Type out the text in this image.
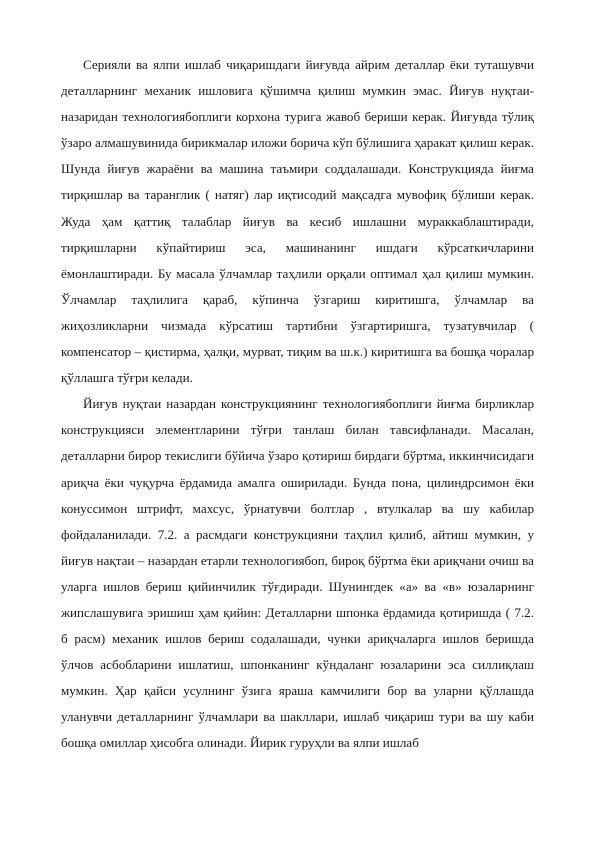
Серияли ва ялпи ишлаб чиқаришдаги йиғувда айрим деталлар ёки туташувчи деталларнинг механик ишловига қўшимча қилиш мумкин эмас. Йиғув нуқтаи-назаридан технологиябоплиги корхона турига жавоб бериши керак. Йиғувда тўлиқ ўзаро алмашувинида бирикмалар иложи борича кўп бўлишига ҳаракат қилиш керак. Шунда йиғув жараёни ва машина таъмири соддалашади. Конструкцияда йиғма тирқишлар ва таранглик ( натяг) лар иқтисодий мақсадга мувофиқ бўлиши керак. Жуда ҳам қаттиқ талаблар йиғув ва кесиб ишлашни мураккаблаштиради, тирқишларни кўпайтириш эса, машинанинг ишдаги кўрсаткичларини ёмонлаштиради. Бу масала ўлчамлар таҳлили орқали оптимал ҳал қилиш мумкин. Ўлчамлар таҳлилига қараб, кўпинча ўзгариш киритишга, ўлчамлар ва жиҳозликларни чизмада кўрсатиш тартибни ўзгартиришга, тузатувчилар ( компенсатор – қистирма, ҳалқи, мурват, тиқим ва ш.к.) киритишга ва бошқа чоралар қўллашга тўғри келади.

Йиғув нуқтаи назардан конструкциянинг технологиябоплиги йиғма бирликлар конструкцияси элементларини тўғри танлаш билан тавсифланади. Масалан, деталларни бирор текислиги бўйича ўзаро қотириш бирдаги бўртма, иккинчисидаги ариқча ёки чуқурча ёрдамида амалга оширилади. Бунда пона, цилиндрсимон ёки конуссимон штрифт, махсус, ўрнатувчи болтлар , втулкалар ва шу кабилар фойдаланилади. 7.2. а расмдаги конструкцияни таҳлил қилиб, айтиш мумкин, у йиғув нақтаи – назардан етарли технологиябоп, бироқ бўртма ёки ариқчани очиш ва уларга ишлов бериш қийинчилик тўғдиради. Шунингдек «а» ва «в» юзаларнинг жипслашувига эришиш ҳам қийин: Деталларни шпонка ёрдамида қотиришда ( 7.2. б расм) механик ишлов бериш содалашади, чунки ариқчаларга ишлов беришда ўлчов асбобларини ишлатиш, шпонканинг кўндаланг юзаларини эса силлиқлаш мумкин. Ҳар қайси усулнинг ўзига яраша камчилиги бор ва уларни қўллашда уланувчи деталларнинг ўлчамлари ва шакллари, ишлаб чиқариш тури ва шу каби бошқа омиллар ҳисобга олинади. Йирик гуруҳли ва ялпи ишлаб
